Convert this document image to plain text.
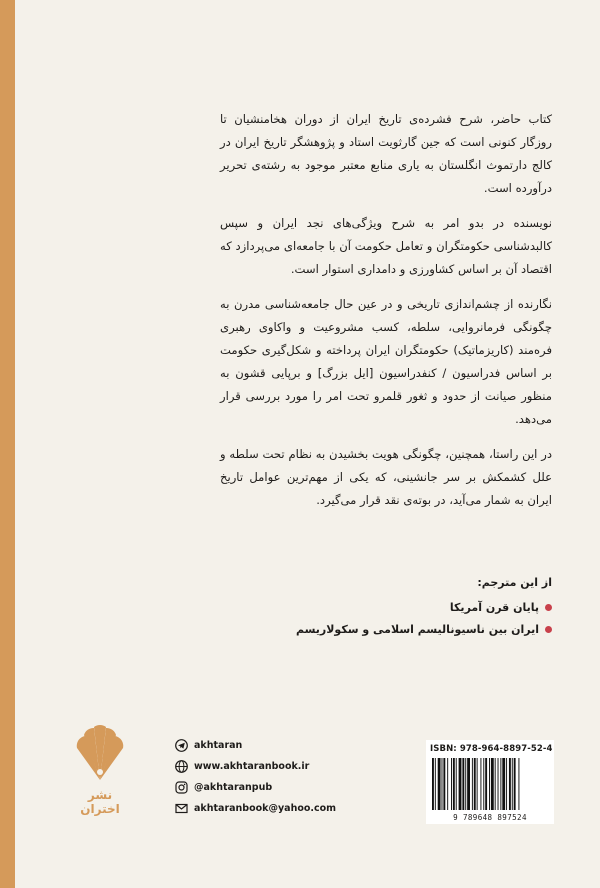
کتاب حاضر، شرح فشرده‌ی تاریخ ایران از دوران هخامنشیان تا روزگار کنونی است که جین گارثویت استاد و پژوهشگر تاریخ ایران در کالج دارتموث انگلستان به یاری منابع معتبر موجود به رشته‌ی تحریر درآورده است.

نویسنده در بدو امر به شرح ویژگی‌های نجد ایران و سپس کالبدشناسی حکومتگران و تعامل حکومت آن با جامعه‌ای می‌پردازد که اقتصاد آن بر اساس کشاورزی و دامداری استوار است.

نگارنده از چشم‌اندازی تاریخی و در عین حال جامعه‌شناسی مدرن به چگونگی فرمانروایی، سلطه، کسب مشروعیت و واکاوی رهبری فره‌مند (کاریزماتیک) حکومتگران ایران پرداخته و شکل‌گیری حکومت بر اساس فدراسیون / کنفدراسیون [ایل بزرگ] و برپایی قشون به منظور صیانت از حدود و ثغور قلمرو تحت امر را مورد بررسی قرار می‌دهد.

در این راستا، همچنین، چگونگی هویت بخشیدن به نظام تحت سلطه و علل کشمکش بر سر جانشینی، که یکی از مهم‌ترین عوامل تاریخ ایران به شمار می‌آید، در بوته‌ی نقد قرار می‌گیرد.

از این مترجم:
پایان قرن آمریکا
ایران بین ناسیونالیسم اسلامی و سکولاریسم
نشر اختران
akhtaran
www.akhtaranbook.ir
@akhtaranpub
akhtaranbook@yahoo.com
ISBN: 978-964-8897-52-4
9 789648 897524
